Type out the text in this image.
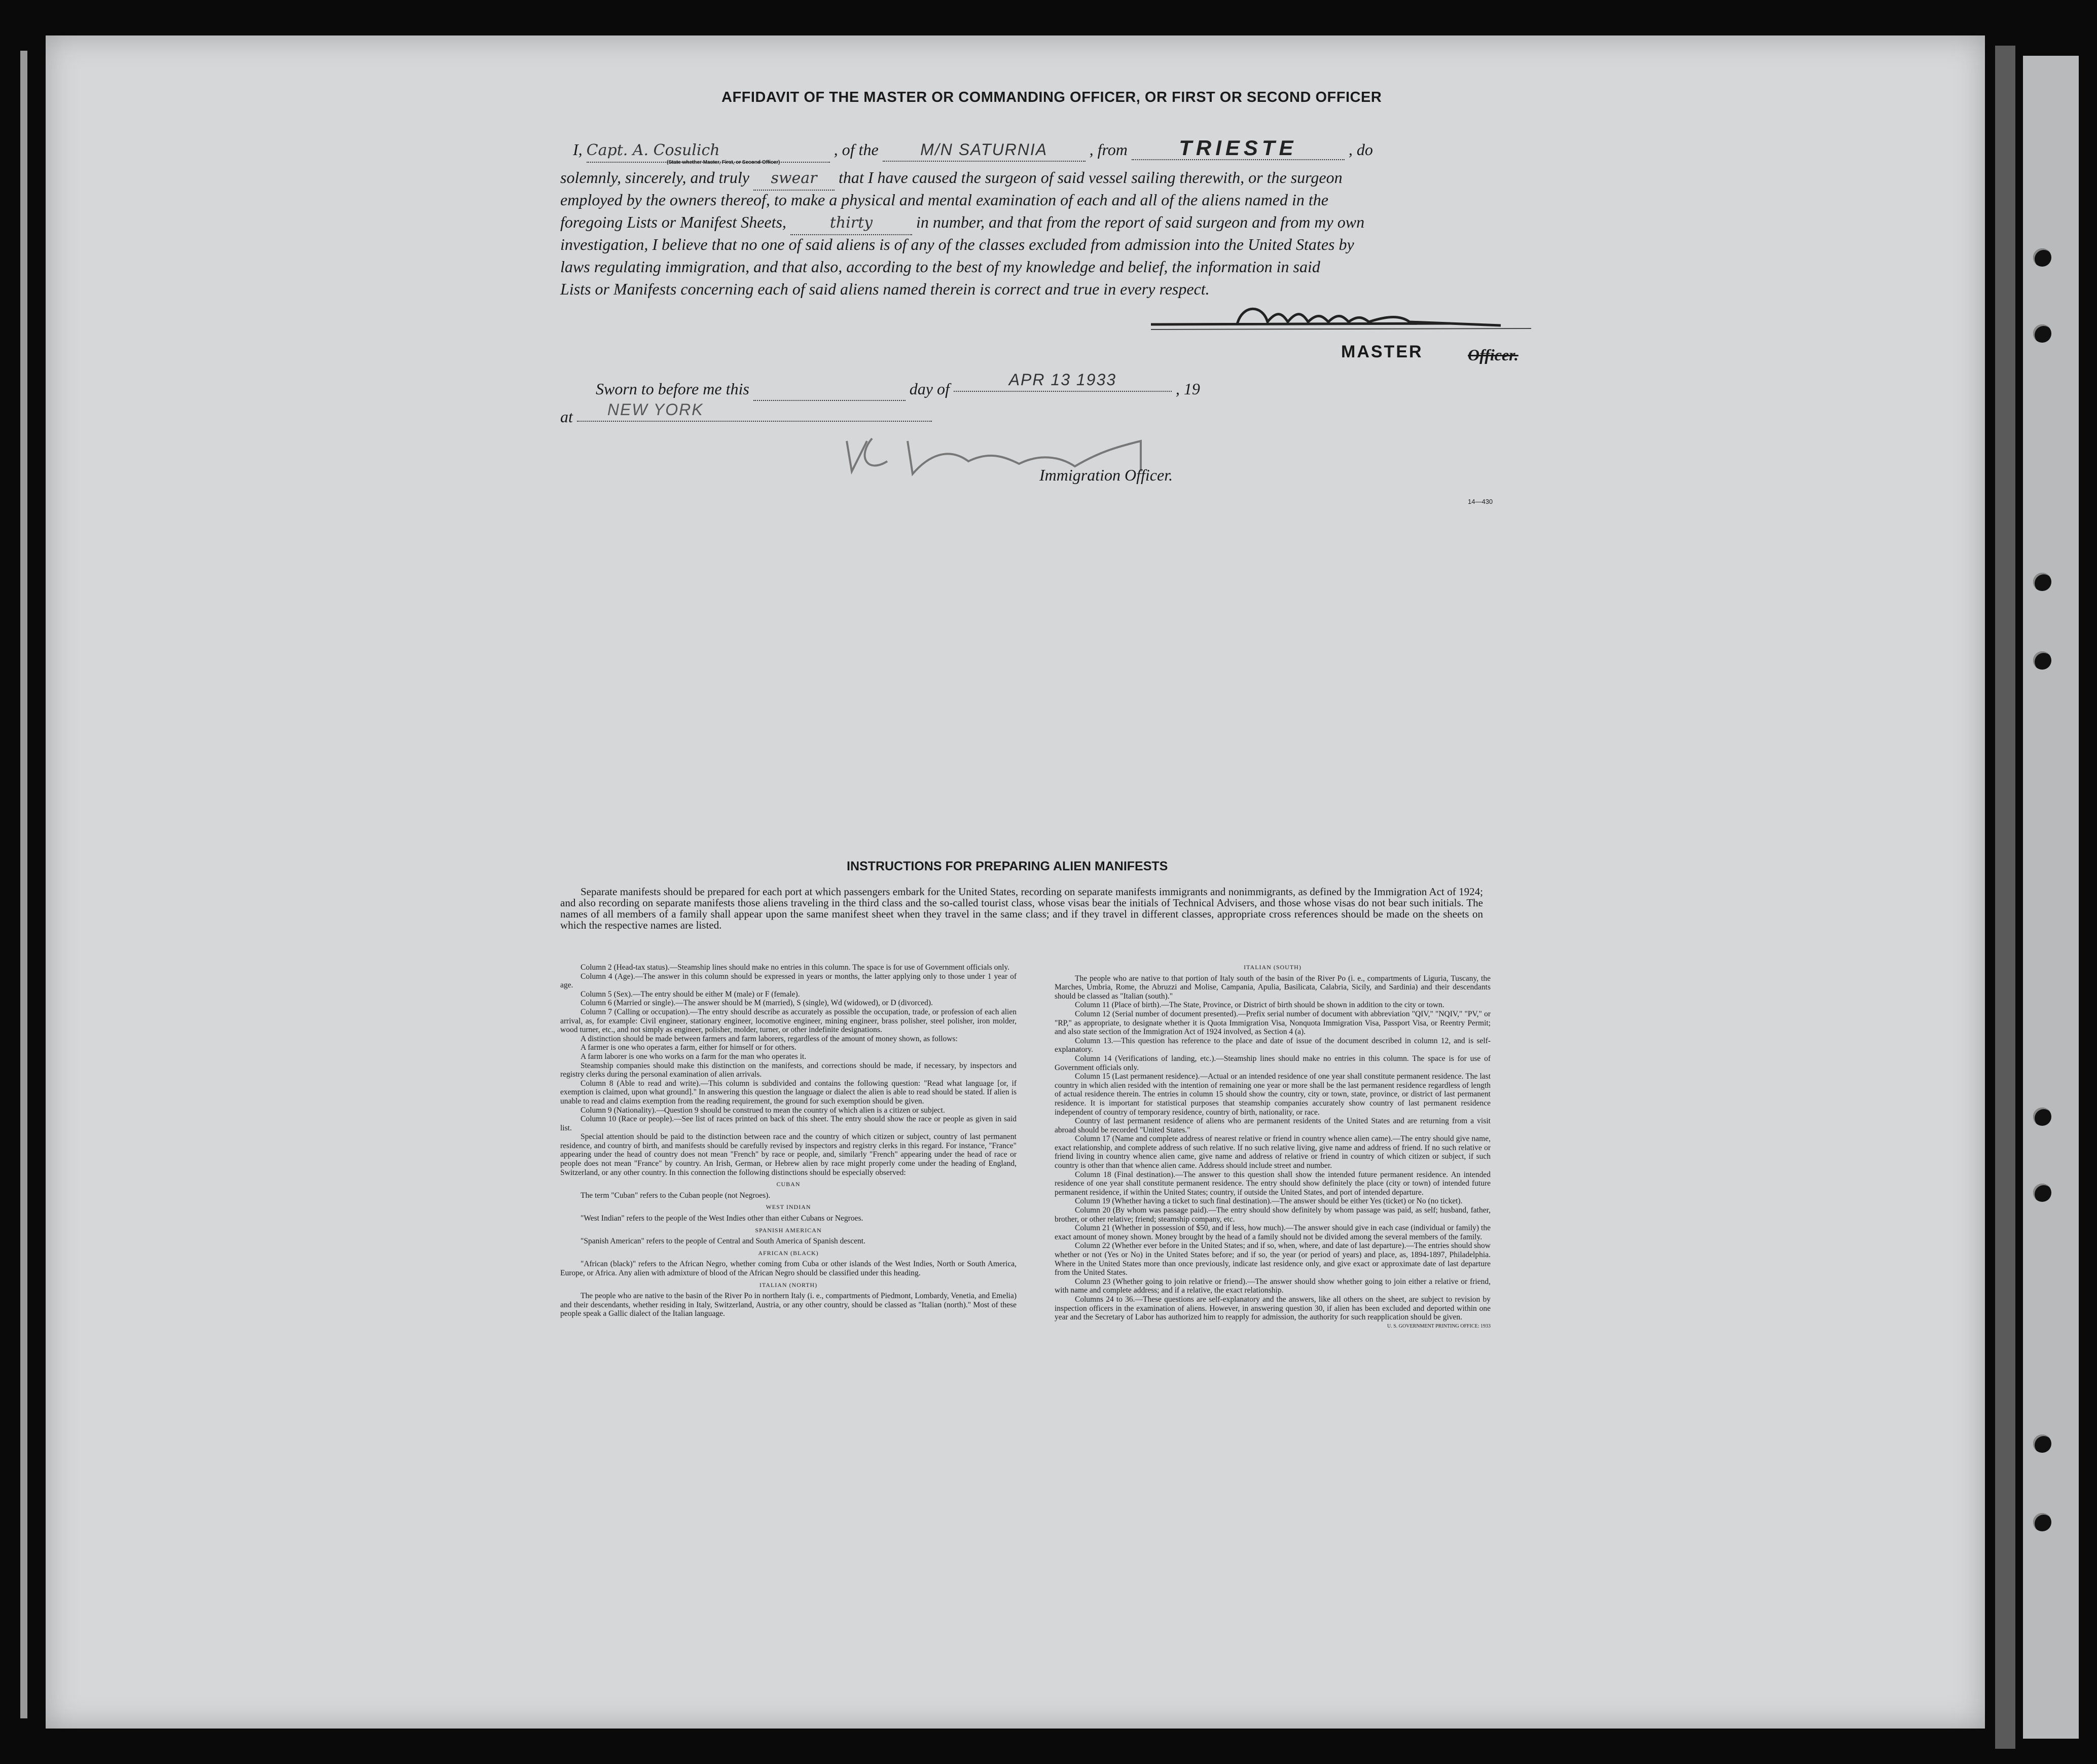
AFFIDAVIT OF THE MASTER OR COMMANDING OFFICER, OR FIRST OR SECOND OFFICER
I, Capt. A. Cosulich	, of the	M/N SATURNIA	, from TRIESTE	, do
(State whether Master, First, or Second Officer)
solemnly, sincerely, and truly swear that I have caused the surgeon of said vessel sailing therewith, or the surgeon
employed by the owners thereof, to make a physical and mental examination of each and all of the aliens named in the
foregoing Lists or Manifest Sheets,	thirty	in number, and that from the report of said surgeon and from my own
investigation, I believe that no one of said aliens is of any of the classes excluded from admission into the United States by
laws regulating immigration, and that also, according to the best of my knowledge and belief, the information in said
Lists or Manifests concerning each of said aliens named therein is correct and true in every respect.
MASTER	Officer.
Sworn to before me this	day of	APR 13 1933	, 19
at NEW YORK
Immigration Officer.
14—430
INSTRUCTIONS FOR PREPARING ALIEN MANIFESTS
Separate manifests should be prepared for each port at which passengers embark for the United States, recording on separate manifests immigrants and nonimmigrants, as defined by the Immigration Act of 1924; and also recording on separate manifests those aliens traveling in the third class and the so-called tourist class, whose visas bear the initials of Technical Advisers, and those whose visas do not bear such initials. The names of all members of a family shall appear upon the same manifest sheet when they travel in the same class; and if they travel in different classes, appropriate cross references should be made on the sheets on which the respective names are listed.

Column 2 (Head-tax status).—Steamship lines should make no entries in this column. The space is for use of Government officials only.

Column 4 (Age).—The answer in this column should be expressed in years or months, the latter applying only to those under 1 year of age.

Column 5 (Sex).—The entry should be either M (male) or F (female).

Column 6 (Married or single).—The answer should be M (married), S (single), Wd (widowed), or D (divorced).

Column 7 (Calling or occupation).—The entry should describe as accurately as possible the occupation, trade, or profession of each alien arrival, as, for example: Civil engineer, stationary engineer, locomotive engineer, mining engineer, brass polisher, steel polisher, iron molder, wood turner, etc., and not simply as engineer, polisher, molder, turner, or other indefinite designations.

A distinction should be made between farmers and farm laborers, regardless of the amount of money shown, as follows:

A farmer is one who operates a farm, either for himself or for others.

A farm laborer is one who works on a farm for the man who operates it.

Steamship companies should make this distinction on the manifests, and corrections should be made, if necessary, by inspectors and registry clerks during the personal examination of alien arrivals.

Column 8 (Able to read and write).—This column is subdivided and contains the following question: "Read what language [or, if exemption is claimed, upon what ground]." In answering this question the language or dialect the alien is able to read should be stated. If alien is unable to read and claims exemption from the reading requirement, the ground for such exemption should be given.

Column 9 (Nationality).—Question 9 should be construed to mean the country of which alien is a citizen or subject.

Column 10 (Race or people).—See list of races printed on back of this sheet. The entry should show the race or people as given in said list.

Special attention should be paid to the distinction between race and the country of which citizen or subject, country of last permanent residence, and country of birth, and manifests should be carefully revised by inspectors and registry clerks in this regard. For instance, "France" appearing under the head of country does not mean "French" by race or people, and, similarly "French" appearing under the head of race or people does not mean "France" by country. An Irish, German, or Hebrew alien by race might properly come under the heading of England, Switzerland, or any other country. In this connection the following distinctions should be especially observed:

CUBAN

The term "Cuban" refers to the Cuban people (not Negroes).

WEST INDIAN

"West Indian" refers to the people of the West Indies other than either Cubans or Negroes.

SPANISH AMERICAN

"Spanish American" refers to the people of Central and South America of Spanish descent.

AFRICAN (BLACK)

"African (black)" refers to the African Negro, whether coming from Cuba or other islands of the West Indies, North or South America, Europe, or Africa. Any alien with admixture of blood of the African Negro should be classified under this heading.

ITALIAN (NORTH)

The people who are native to the basin of the River Po in northern Italy (i. e., compartments of Piedmont, Lombardy, Venetia, and Emelia) and their descendants, whether residing in Italy, Switzerland, Austria, or any other country, should be classed as "Italian (north)." Most of these people speak a Gallic dialect of the Italian language.

ITALIAN (SOUTH)

The people who are native to that portion of Italy south of the basin of the River Po (i. e., compartments of Liguria, Tuscany, the Marches, Umbria, Rome, the Abruzzi and Molise, Campania, Apulia, Basilicata, Calabria, Sicily, and Sardinia) and their descendants should be classed as "Italian (south)."

Column 11 (Place of birth).—The State, Province, or District of birth should be shown in addition to the city or town.

Column 12 (Serial number of document presented).—Prefix serial number of document with abbreviation "QIV," "NQIV," "PV," or "RP," as appropriate, to designate whether it is Quota Immigration Visa, Nonquota Immigration Visa, Passport Visa, or Reentry Permit; and also state section of the Immigration Act of 1924 involved, as Section 4 (a).

Column 13.—This question has reference to the place and date of issue of the document described in column 12, and is self-explanatory.

Column 14 (Verifications of landing, etc.).—Steamship lines should make no entries in this column. The space is for use of Government officials only.

Column 15 (Last permanent residence).—Actual or an intended residence of one year shall constitute permanent residence. The last country in which alien resided with the intention of remaining one year or more shall be the last permanent residence regardless of length of actual residence therein. The entries in column 15 should show the country, city or town, state, province, or district of last permanent residence. It is important for statistical purposes that steamship companies accurately show country of last permanent residence independent of country of temporary residence, country of birth, nationality, or race.

Country of last permanent residence of aliens who are permanent residents of the United States and are returning from a visit abroad should be recorded "United States."

Column 17 (Name and complete address of nearest relative or friend in country whence alien came).—The entry should give name, exact relationship, and complete address of such relative. If no such relative living, give name and address of friend. If no such relative or friend living in country whence alien came, give name and address of relative or friend in country of which citizen or subject, if such country is other than that whence alien came. Address should include street and number.

Column 18 (Final destination).—The answer to this question shall show the intended future permanent residence. An intended residence of one year shall constitute permanent residence. The entry should show definitely the place (city or town) of intended future permanent residence, if within the United States; country, if outside the United States, and port of intended departure.

Column 19 (Whether having a ticket to such final destination).—The answer should be either Yes (ticket) or No (no ticket).

Column 20 (By whom was passage paid).—The entry should show definitely by whom passage was paid, as self; husband, father, brother, or other relative; friend; steamship company, etc.

Column 21 (Whether in possession of $50, and if less, how much).—The answer should give in each case (individual or family) the exact amount of money shown. Money brought by the head of a family should not be divided among the several members of the family.

Column 22 (Whether ever before in the United States; and if so, when, where, and date of last departure).—The entries should show whether or not (Yes or No) in the United States before; and if so, the year (or period of years) and place, as, 1894-1897, Philadelphia. Where in the United States more than once previously, indicate last residence only, and give exact or approximate date of last departure from the United States.

Column 23 (Whether going to join relative or friend).—The answer should show whether going to join either a relative or friend, with name and complete address; and if a relative, the exact relationship.

Columns 24 to 36.—These questions are self-explanatory and the answers, like all others on the sheet, are subject to revision by inspection officers in the examination of aliens. However, in answering question 30, if alien has been excluded and deported within one year and the Secretary of Labor has authorized him to reapply for admission, the authority for such reapplication should be given.

U. S. GOVERNMENT PRINTING OFFICE: 1933
